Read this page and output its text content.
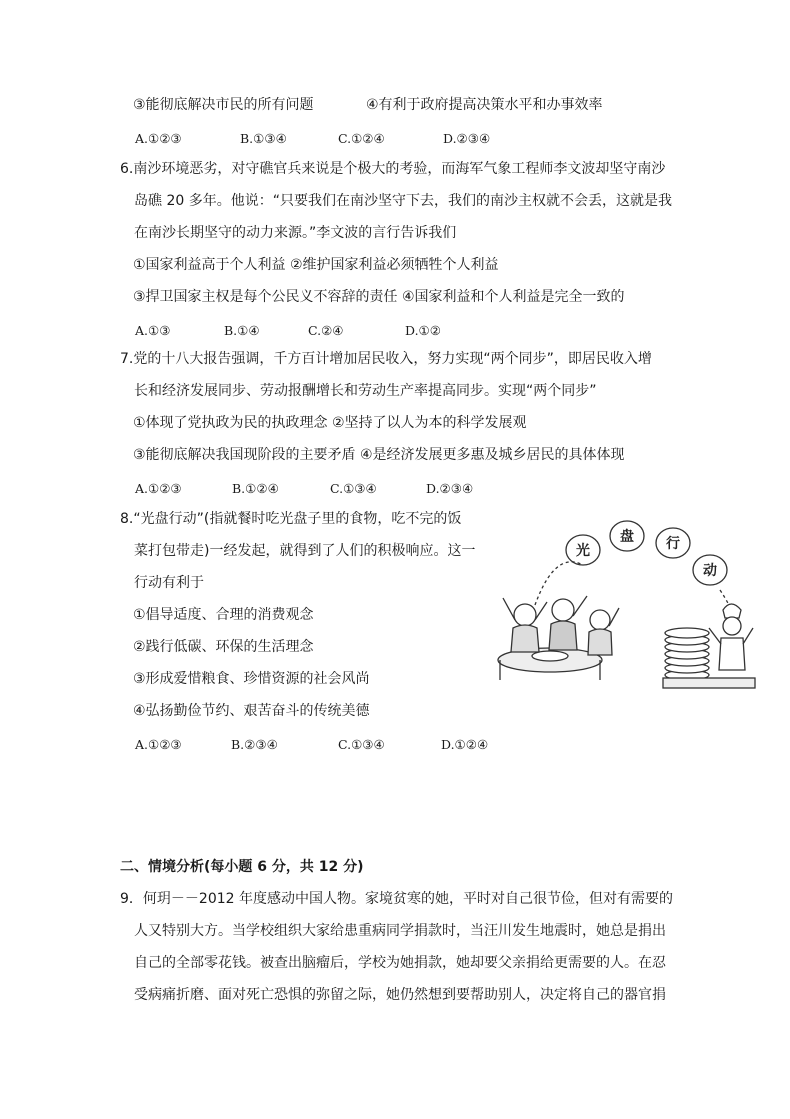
③能彻底解决市民的所有问题	④有利于政府提高决策水平和办事效率
A.①②③	B.①③④	C.①②④	D.②③④
6.南沙环境恶劣，对守礁官兵来说是个极大的考验，而海军气象工程师李文波却坚守南沙
岛礁 20 多年。他说：“只要我们在南沙坚守下去，我们的南沙主权就不会丢，这就是我
在南沙长期坚守的动力来源。”李文波的言行告诉我们
①国家利益高于个人利益 ②维护国家利益必须牺牲个人利益
③捍卫国家主权是每个公民义不容辞的责任 ④国家利益和个人利益是完全一致的
A.①③	B.①④	C.②④	D.①②
7.党的十八大报告强调，千方百计增加居民收入，努力实现“两个同步”，即居民收入增
长和经济发展同步、劳动报酬增长和劳动生产率提高同步。实现“两个同步”
①体现了党执政为民的执政理念 ②坚持了以人为本的科学发展观
③能彻底解决我国现阶段的主要矛盾 ④是经济发展更多惠及城乡居民的具体体现
A.①②③	B.①②④	C.①③④	D.②③④
8.“光盘行动”(指就餐时吃光盘子里的食物，吃不完的饭
菜打包带走)一经发起，就得到了人们的积极响应。这一
行动有利于
①倡导适度、合理的消费观念
②践行低碳、环保的生活理念
③形成爱惜粮食、珍惜资源的社会风尚
④弘扬勤俭节约、艰苦奋斗的传统美德
A.①②③	B.②③④	C.①③④	D.①②④
光
盘 行
动
二、情境分析(每小题 6 分，共 12 分)
9．何玥－－2012 年度感动中国人物。家境贫寒的她，平时对自己很节俭，但对有需要的
人又特别大方。当学校组织大家给患重病同学捐款时，当汪川发生地震时，她总是捐出
自己的全部零花钱。被查出脑瘤后，学校为她捐款，她却要父亲捐给更需要的人。在忍
受病痛折磨、面对死亡恐惧的弥留之际，她仍然想到要帮助别人，决定将自己的器官捐
